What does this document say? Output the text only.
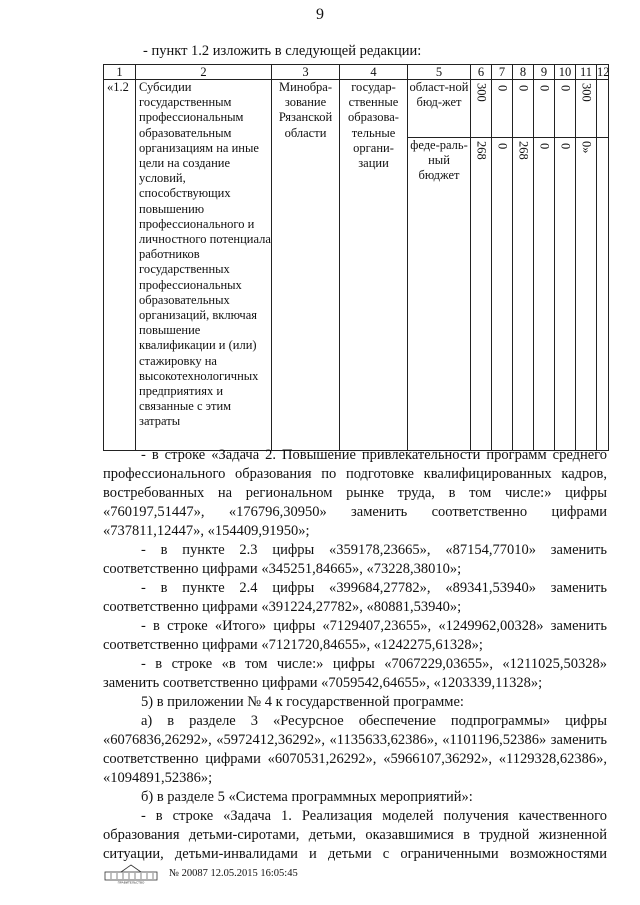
9
- пункт 1.2 изложить в следующей редакции:
1	2	3	4	5	6	7	8	9	10	11	12
«1.2	Субсидии государственным профессиональным образовательным организациям на иные цели на создание условий, способствующих повышению профессионального и личностного потенциала работников государственных профессиональных образовательных организаций, включая повышение квалификации и (или) стажировку на высокотехнологичных предприятиях и связанные с этим затраты	Минобра-зование Рязанской области	государ-ственные образова-тельные органи-зации	област-ной бюд-жет	300	0	0	0	0	300	
				феде-раль-ный бюджет	268	0	268	0	0	0»	

- в строке «Задача 2. Повышение привлекательности программ среднего профессионального образования по подготовке квалифицированных кадров, востребованных на региональном рынке труда, в том числе:» цифры «760197,51447», «176796,30950» заменить соответственно цифрами «737811,12447», «154409,91950»;

- в пункте 2.3 цифры «359178,23665», «87154,77010» заменить соответственно цифрами «345251,84665», «73228,38010»;

- в пункте 2.4 цифры «399684,27782», «89341,53940» заменить соответственно цифрами «391224,27782», «80881,53940»;

- в строке «Итого» цифры «7129407,23655», «1249962,00328» заменить соответственно цифрами «7121720,84655», «1242275,61328»;

- в строке «в том числе:» цифры «7067229,03655», «1211025,50328» заменить соответственно цифрами «7059542,64655», «1203339,11328»;

5) в приложении № 4 к государственной программе:

а) в разделе 3 «Ресурсное обеспечение подпрограммы» цифры «6076836,26292», «5972412,36292», «1135633,62386», «1101196,52386» заменить соответственно цифрами «6070531,26292», «5966107,36292», «1129328,62386», «1094891,52386»;

б) в разделе 5 «Система программных мероприятий»:

- в строке «Задача 1. Реализация моделей получения качественного образования детьми-сиротами, детьми, оказавшимися в трудной жизненной ситуации, детьми-инвалидами и детьми с ограниченными возможностями

ПРАВИТЕЛЬСТВО
№ 20087 12.05.2015 16:05:45
